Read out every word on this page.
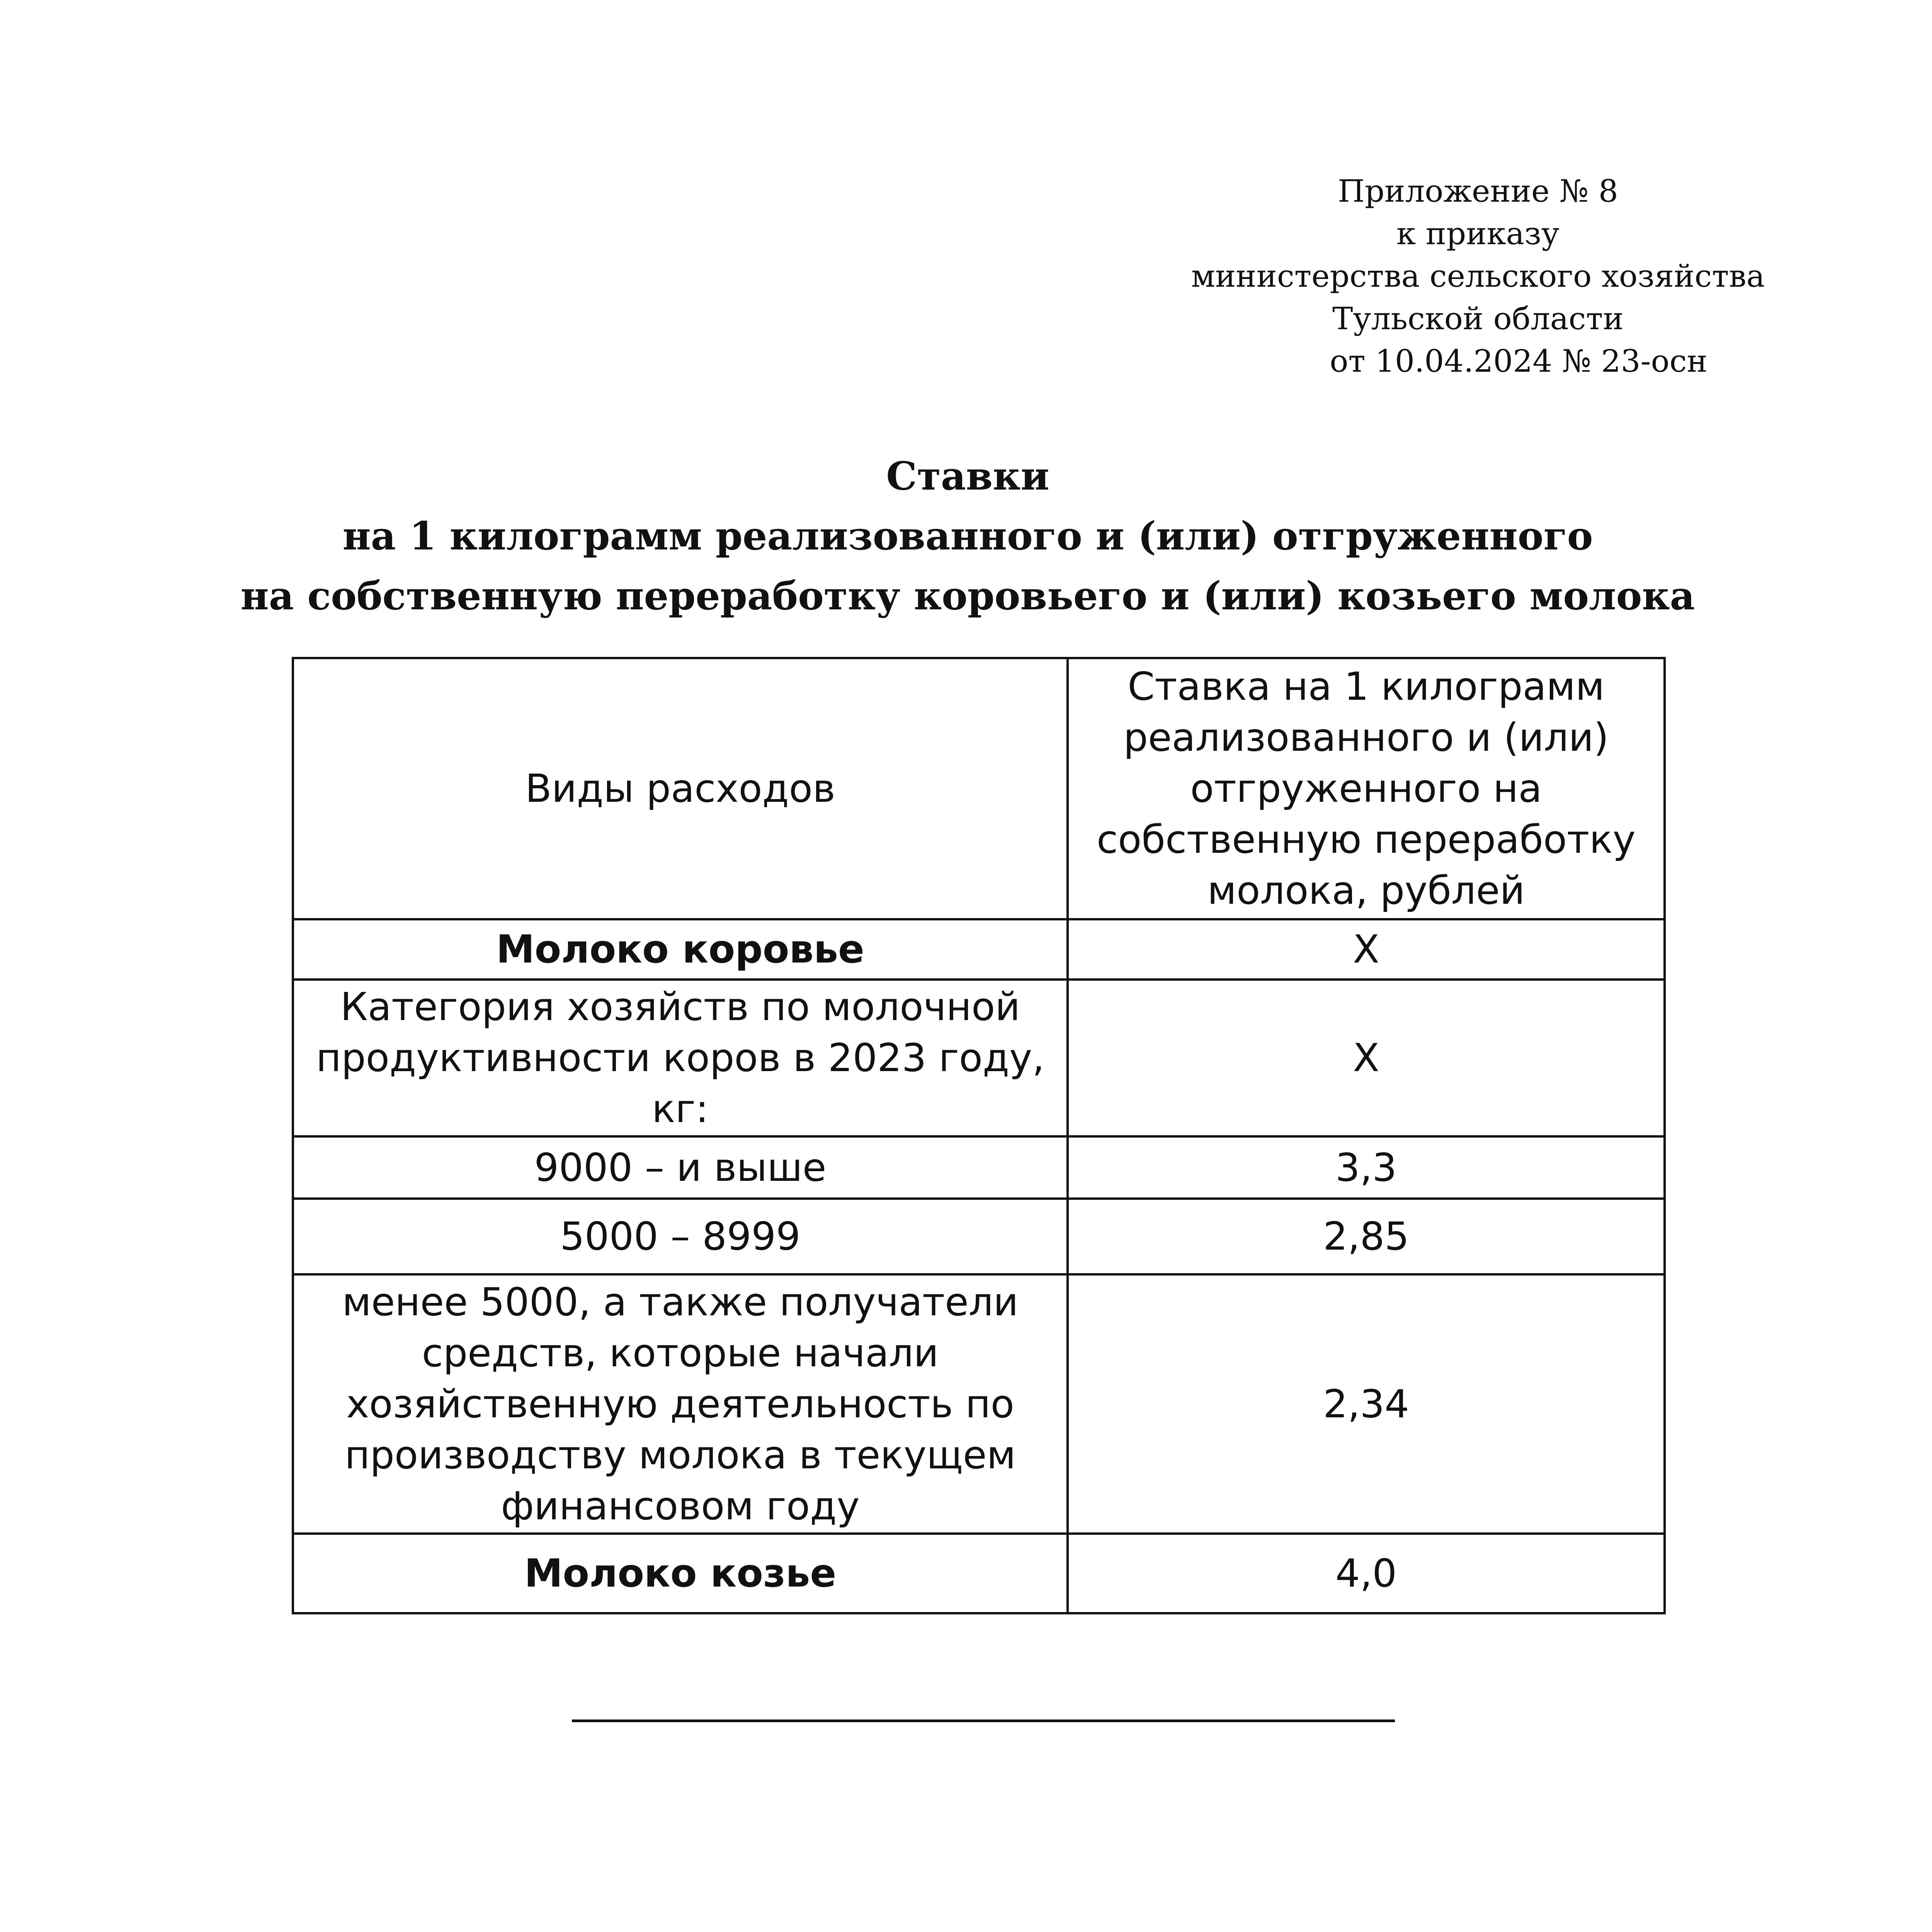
Приложение № 8
к приказу
министерства сельского хозяйства
Тульской области
от 10.04.2024 № 23-осн
Ставки
на 1 килограмм реализованного и (или) отгруженного
на собственную переработку коровьего и (или) козьего молока
Виды расходов	Ставка на 1 килограмм реализованного и (или) отгруженного на собственную переработку молока, рублей
Молоко коровье	Х
Категория хозяйств по молочной продуктивности коров в 2023 году, кг:	Х
9000 – и выше	3,3
5000 – 8999	2,85
менее 5000, а также получатели средств, которые начали хозяйственную деятельность по производству молока в текущем финансовом году	2,34
Молоко козье	4,0
